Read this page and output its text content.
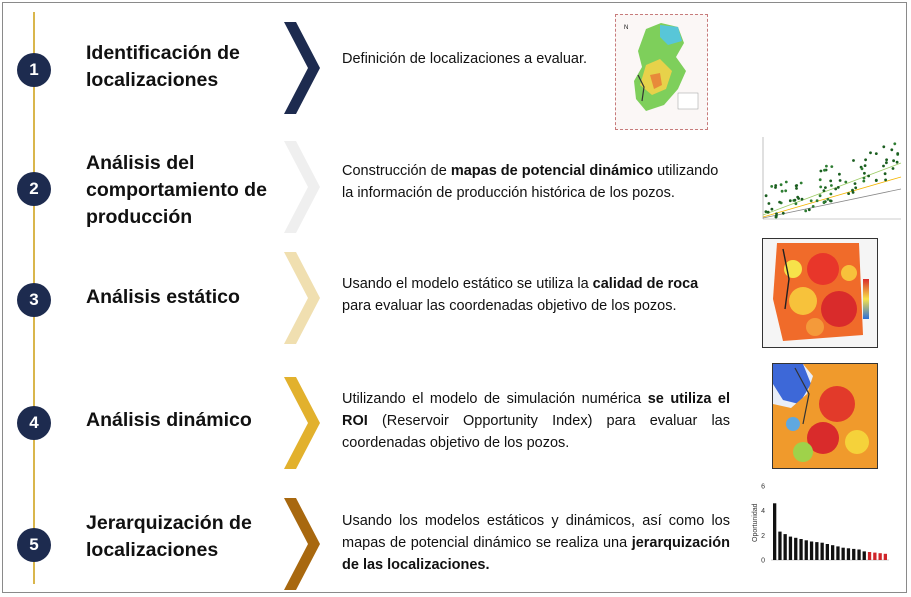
1
Identificación de
localizaciones
Definición de localizaciones a evaluar.
N
2
Análisis del
comportamiento de
producción
Construcción de mapas de potencial dinámico utilizando la información de producción histórica de los pozos.
3	Análisis estático
Usando el modelo estático se utiliza la calidad de roca para evaluar las coordenadas objetivo de los pozos.
4	Análisis dinámico
Utilizando el modelo de simulación numérica se utiliza el ROI (Reservoir Opportunity Index) para evaluar las coordenadas objetivo de los pozos.
5
Jerarquización de
localizaciones
Usando los modelos estáticos y dinámicos, así como los mapas de potencial dinámico se realiza una jerarquización de las localizaciones.
Oportunidad
6
4
2
0
